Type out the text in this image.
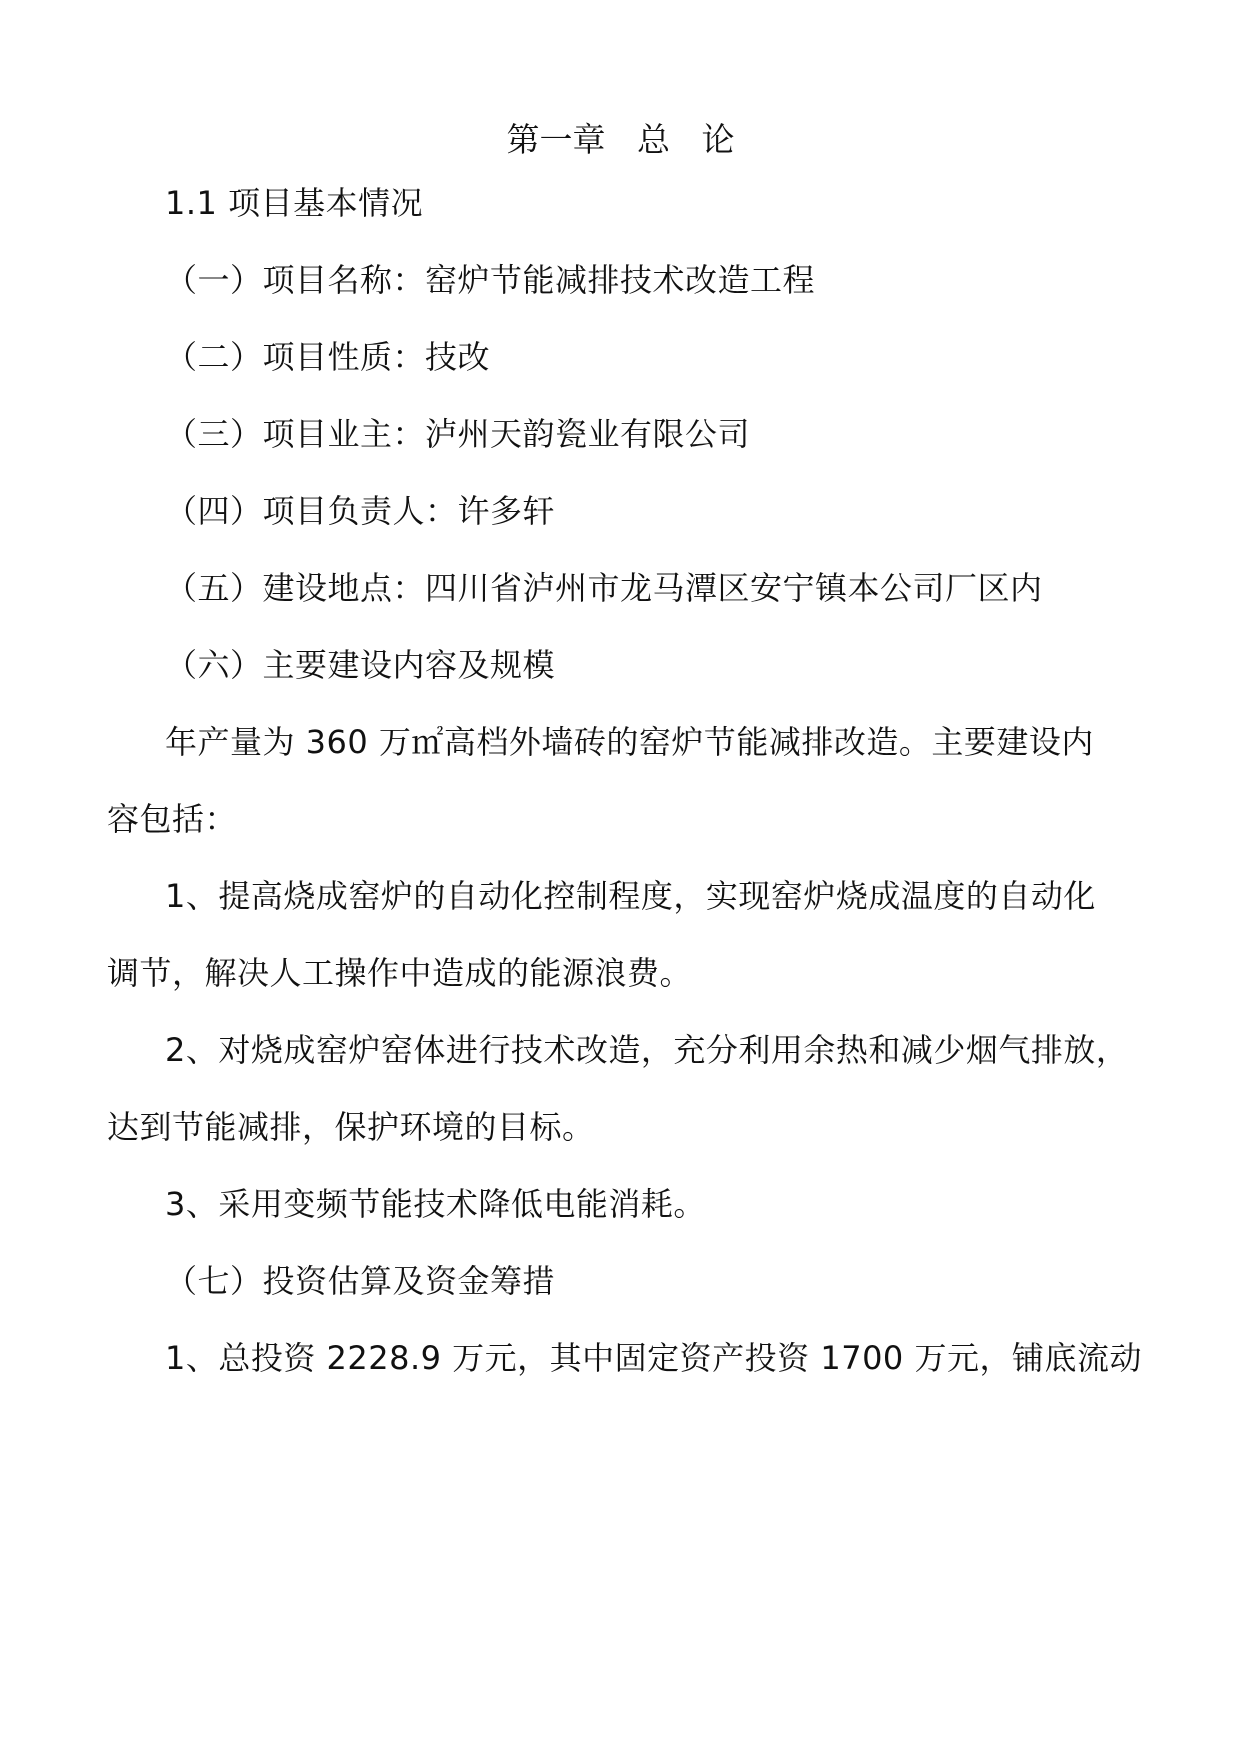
第一章   总   论
1.1 项目基本情况
（一）项目名称：窑炉节能减排技术改造工程
（二）项目性质：技改
（三）项目业主：泸州天韵瓷业有限公司
（四）项目负责人：许多轩
（五）建设地点：四川省泸州市龙马潭区安宁镇本公司厂区内
（六）主要建设内容及规模
年产量为 360 万㎡高档外墙砖的窑炉节能减排改造。主要建设内
容包括：
1、提高烧成窑炉的自动化控制程度，实现窑炉烧成温度的自动化
调节，解决人工操作中造成的能源浪费。
2、对烧成窑炉窑体进行技术改造，充分利用余热和减少烟气排放，
达到节能减排，保护环境的目标。
3、采用变频节能技术降低电能消耗。
（七）投资估算及资金筹措
1、总投资 2228.9 万元，其中固定资产投资 1700 万元，铺底流动
